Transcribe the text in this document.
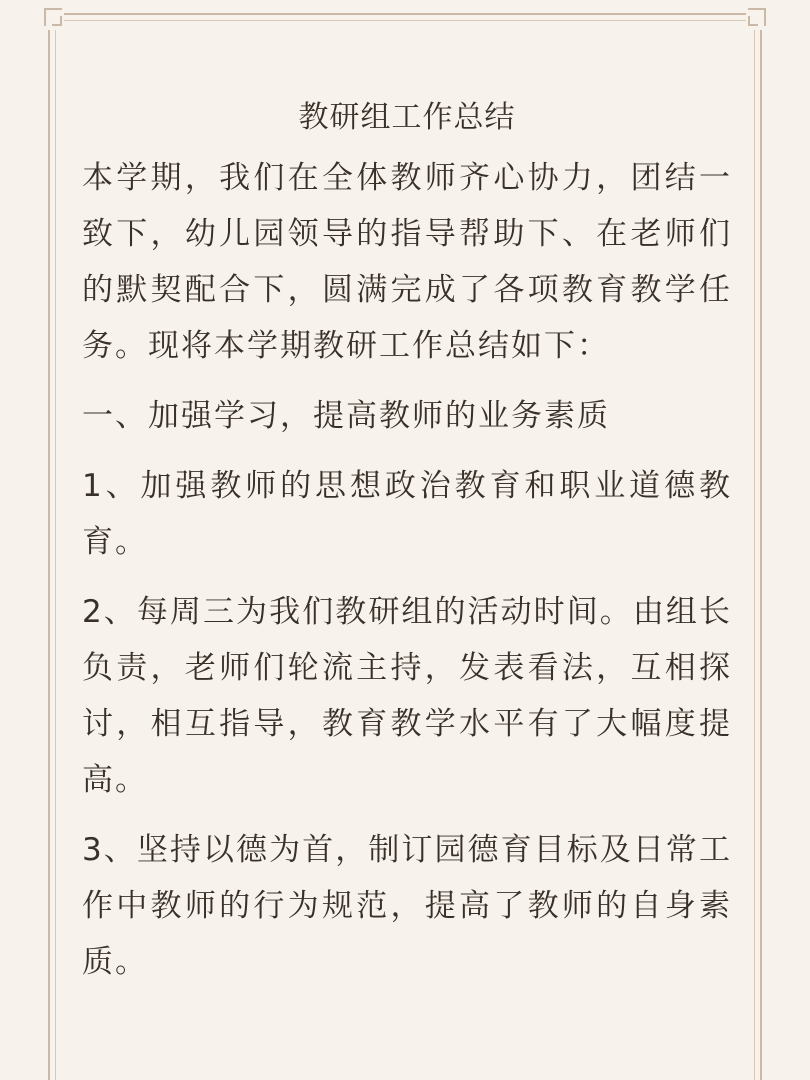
教研组工作总结

本学期，我们在全体教师齐心协力，团结一致下，幼儿园领导的指导帮助下、在老师们的默契配合下，圆满完成了各项教育教学任务。现将本学期教研工作总结如下：

一、加强学习，提高教师的业务素质

1、加强教师的思想政治教育和职业道德教育。

2、每周三为我们教研组的活动时间。由组长负责，老师们轮流主持，发表看法，互相探讨，相互指导，教育教学水平有了大幅度提高。

3、坚持以德为首，制订园德育目标及日常工作中教师的行为规范，提高了教师的自身素质。
